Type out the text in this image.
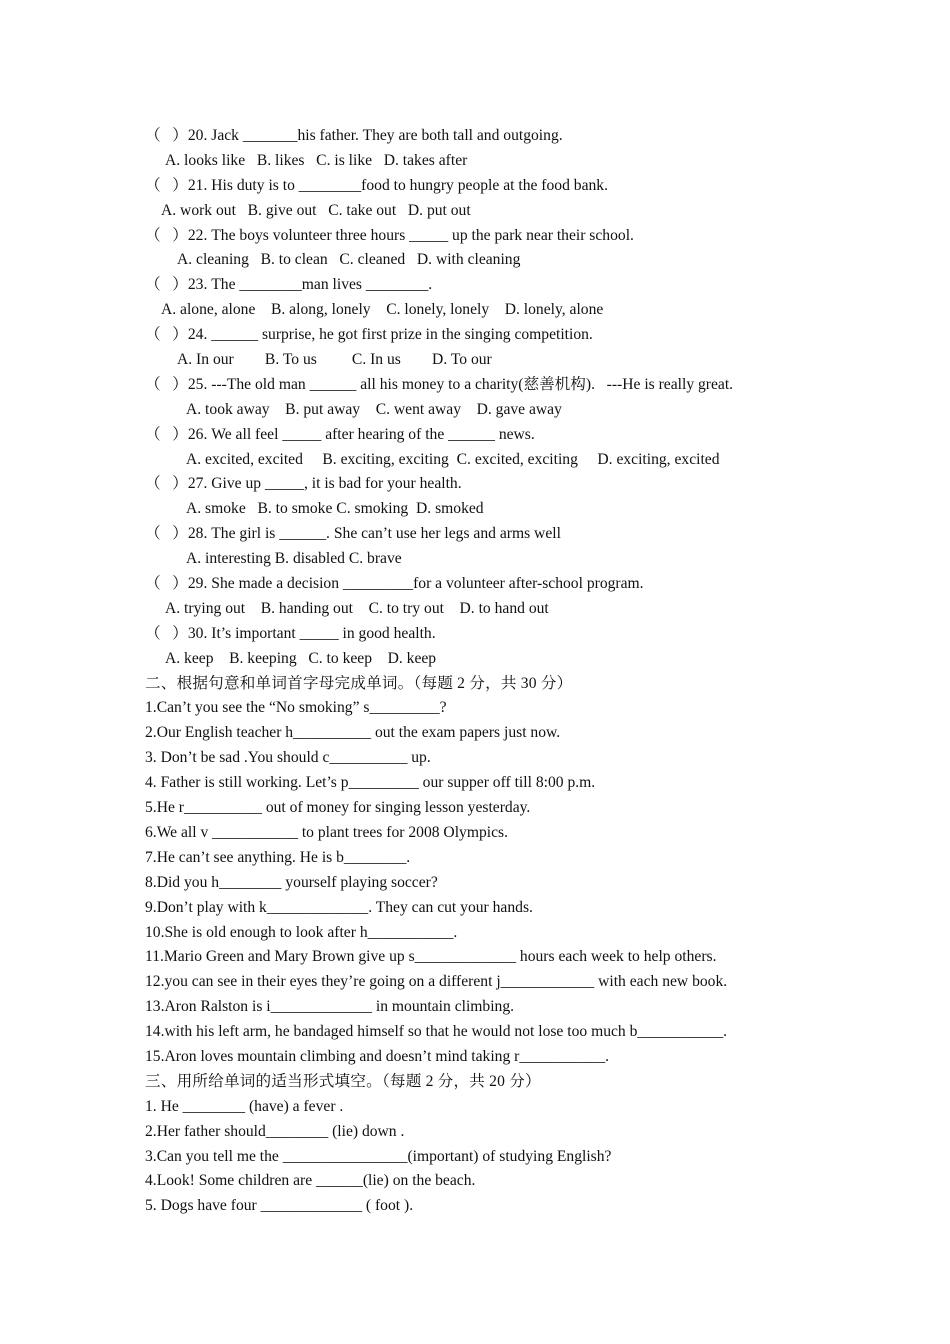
（   ）20. Jack _______his father. They are both tall and outgoing.
A. looks like   B. likes   C. is like   D. takes after
（   ）21. His duty is to ________food to hungry people at the food bank.
A. work out   B. give out   C. take out   D. put out
（   ）22. The boys volunteer three hours _____ up the park near their school.
A. cleaning   B. to clean   C. cleaned   D. with cleaning
（   ）23. The ________man lives ________.
A. alone, alone    B. along, lonely    C. lonely, lonely    D. lonely, alone
（   ）24. ______ surprise, he got first prize in the singing competition.
A. In our        B. To us         C. In us        D. To our
（   ）25. ---The old man ______ all his money to a charity(慈善机构).   ---He is really great.
A. took away    B. put away    C. went away    D. gave away
（   ）26. We all feel _____ after hearing of the ______ news.
A. excited, excited     B. exciting, exciting  C. excited, exciting     D. exciting, excited
（   ）27. Give up _____, it is bad for your health.
A. smoke   B. to smoke C. smoking  D. smoked
（   ）28. The girl is ______. She can’t use her legs and arms well
A. interesting B. disabled C. brave
（   ）29. She made a decision _________for a volunteer after-school program.
A. trying out    B. handing out    C. to try out    D. to hand out
（   ）30. It’s important _____ in good health.
A. keep    B. keeping   C. to keep    D. keep
二、根据句意和单词首字母完成单词。（每题 2 分，共 30 分）
1.Can’t you see the “No smoking” s_________?
2.Our English teacher h__________ out the exam papers just now.
3. Don’t be sad .You should c__________ up.
4. Father is still working. Let’s p_________ our supper off till 8:00 p.m.
5.He r__________ out of money for singing lesson yesterday.
6.We all v ___________ to plant trees for 2008 Olympics.
7.He can’t see anything. He is b________.
8.Did you h________ yourself playing soccer?
9.Don’t play with k_____________. They can cut your hands.
10.She is old enough to look after h___________.
11.Mario Green and Mary Brown give up s_____________ hours each week to help others.
12.you can see in their eyes they’re going on a different j____________ with each new book.
13.Aron Ralston is i_____________ in mountain climbing.
14.with his left arm, he bandaged himself so that he would not lose too much b___________.
15.Aron loves mountain climbing and doesn’t mind taking r___________.
三、用所给单词的适当形式填空。（每题 2 分，共 20 分）
1. He ________ (have) a fever .
2.Her father should________ (lie) down .
3.Can you tell me the ________________(important) of studying English?
4.Look! Some children are ______(lie) on the beach.
5. Dogs have four _____________ ( foot ).
